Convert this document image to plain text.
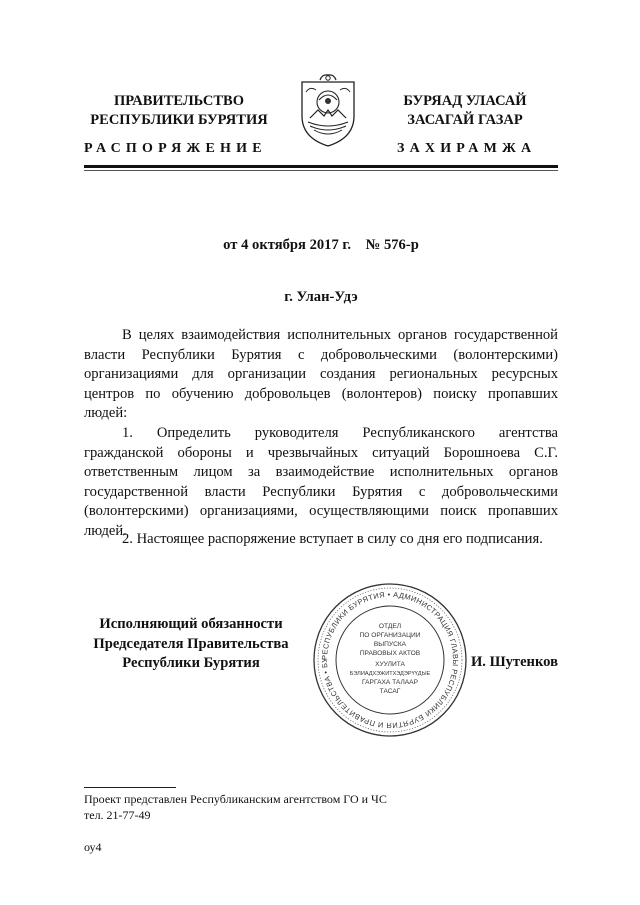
ПРАВИТЕЛЬСТВО
РЕСПУБЛИКИ БУРЯТИЯ
БУРЯАД УЛАСАЙ
ЗАСАГАЙ ГАЗАР
РАСПОРЯЖЕНИЕ	ЗАХИРАМЖА
от 4 октября 2017 г.    № 576-р
г. Улан-Удэ
В целях взаимодействия исполнительных органов государственной власти Республики Бурятия с добровольческими (волонтерскими) организациями для организации создания региональных ресурсных центров по обучению добровольцев (волонтеров) поиску пропавших людей:
1. Определить руководителя Республиканского агентства гражданской обороны и чрезвычайных ситуаций Борошноева С.Г. ответственным лицом за взаимодействие исполнительных органов государственной власти Республики Бурятия с добровольческими (волонтерскими) организациями, осуществляющими поиск пропавших людей.
2. Настоящее распоряжение вступает в силу со дня его подписания.
Исполняющий обязанности
Председателя Правительства
Республики Бурятия	И. Шутенков
РЕСПУБЛИКИ БУРЯТИЯ • АДМИНИСТРАЦИЯ ГЛАВЫ РЕСПУБЛИКИ БУРЯТИЯ И ПРАВИТЕЛЬСТВА • БУ
ОТДЕЛ
ПО ОРГАНИЗАЦИИ
ВЫПУСКА
ПРАВОВЫХ АКТОВ
ХУУЛИТА
БЭЛИАДХЭЖИТХЭДЭРҮҮДЫЕ
ГАРГАХА ТАЛААР
ТАСАГ
Проект представлен Республиканским агентством ГО и ЧС
тел. 21-77-49
оу4
